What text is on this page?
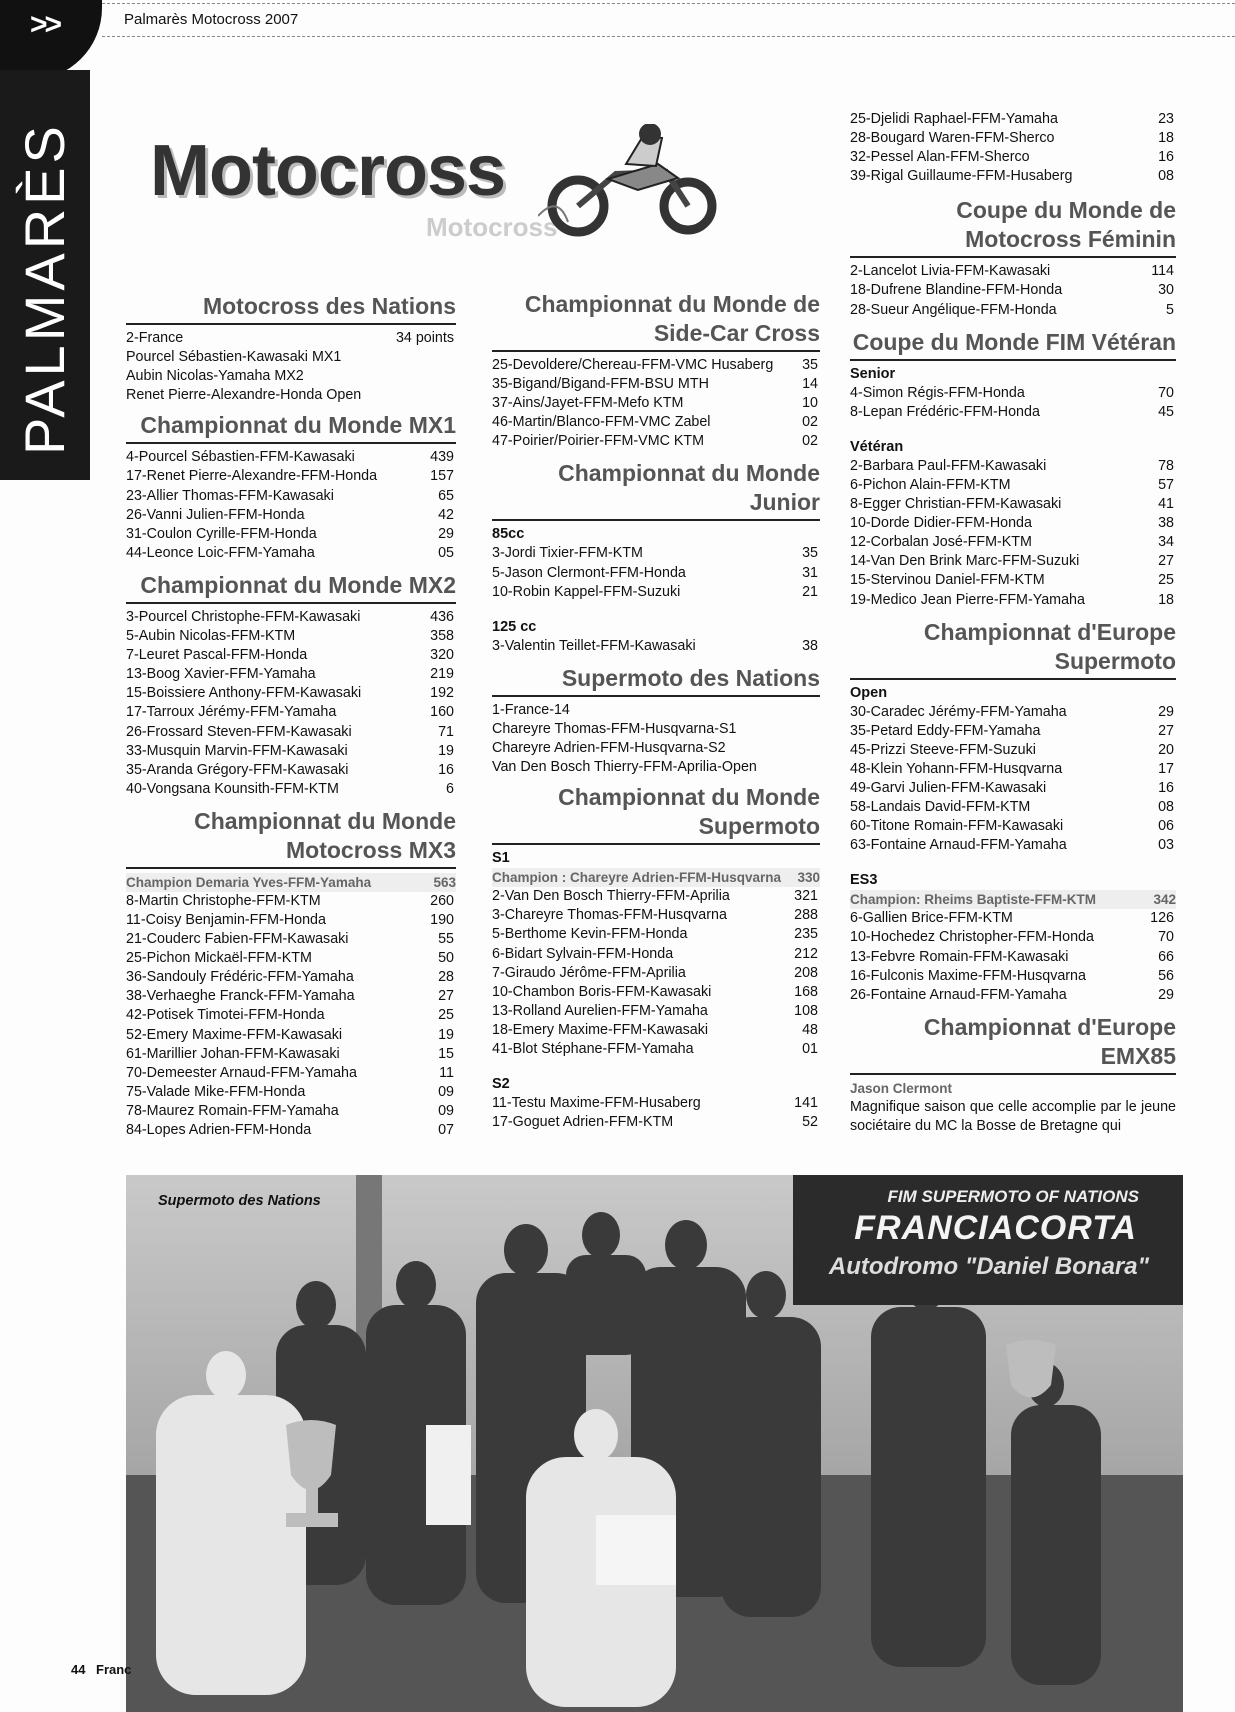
>>	Palmarès Motocross 2007
PALMARÈS Motocross
Motocross
Motocross des Nations
2-France	34 points
Pourcel Sébastien-Kawasaki MX1
Aubin Nicolas-Yamaha MX2
Renet Pierre-Alexandre-Honda Open
Championnat du Monde MX1
4-Pourcel Sébastien-FFM-Kawasaki	439
17-Renet Pierre-Alexandre-FFM-Honda	157
23-Allier Thomas-FFM-Kawasaki	65
26-Vanni Julien-FFM-Honda	42
31-Coulon Cyrille-FFM-Honda	29
44-Leonce Loic-FFM-Yamaha	05
Championnat du Monde MX2
3-Pourcel Christophe-FFM-Kawasaki	436
5-Aubin Nicolas-FFM-KTM	358
7-Leuret Pascal-FFM-Honda	320
13-Boog Xavier-FFM-Yamaha	219
15-Boissiere Anthony-FFM-Kawasaki	192
17-Tarroux Jérémy-FFM-Yamaha	160
26-Frossard Steven-FFM-Kawasaki	71
33-Musquin Marvin-FFM-Kawasaki	19
35-Aranda Grégory-FFM-Kawasaki	16
40-Vongsana Kounsith-FFM-KTM	6
Championnat du Monde
Motocross MX3
Champion Demaria Yves-FFM-Yamaha	563
8-Martin Christophe-FFM-KTM	260
11-Coisy Benjamin-FFM-Honda	190
21-Couderc Fabien-FFM-Kawasaki	55
25-Pichon Mickaël-FFM-KTM	50
36-Sandouly Frédéric-FFM-Yamaha	28
38-Verhaeghe Franck-FFM-Yamaha	27
42-Potisek Timotei-FFM-Honda	25
52-Emery Maxime-FFM-Kawasaki	19
61-Marillier Johan-FFM-Kawasaki	15
70-Demeester Arnaud-FFM-Yamaha	11
75-Valade Mike-FFM-Honda	09
78-Maurez Romain-FFM-Yamaha	09
84-Lopes Adrien-FFM-Honda	07
Championnat du Monde de
Side-Car Cross
25-Devoldere/Chereau-FFM-VMC Husaberg 35
35-Bigand/Bigand-FFM-BSU MTH	14
37-Ains/Jayet-FFM-Mefo KTM	10
46-Martin/Blanco-FFM-VMC Zabel	02
47-Poirier/Poirier-FFM-VMC KTM	02
Championnat du Monde
Junior
85cc
3-Jordi Tixier-FFM-KTM	35
5-Jason Clermont-FFM-Honda	31
10-Robin Kappel-FFM-Suzuki	21
125 cc
3-Valentin Teillet-FFM-Kawasaki	38
Supermoto des Nations
1-France-14
Chareyre Thomas-FFM-Husqvarna-S1
Chareyre Adrien-FFM-Husqvarna-S2
Van Den Bosch Thierry-FFM-Aprilia-Open
Championnat du Monde
Supermoto
S1
Champion : Chareyre Adrien-FFM-Husqvarna 330
2-Van Den Bosch Thierry-FFM-Aprilia	321
3-Chareyre Thomas-FFM-Husqvarna	288
5-Berthome Kevin-FFM-Honda	235
6-Bidart Sylvain-FFM-Honda	212
7-Giraudo Jérôme-FFM-Aprilia	208
10-Chambon Boris-FFM-Kawasaki	168
13-Rolland Aurelien-FFM-Yamaha	108
18-Emery Maxime-FFM-Kawasaki	48
41-Blot Stéphane-FFM-Yamaha	01
S2
11-Testu Maxime-FFM-Husaberg	141
17-Goguet Adrien-FFM-KTM	52
25-Djelidi Raphael-FFM-Yamaha	23
28-Bougard Waren-FFM-Sherco	18
32-Pessel Alan-FFM-Sherco	16
39-Rigal Guillaume-FFM-Husaberg	08
Coupe du Monde de
Motocross Féminin
2-Lancelot Livia-FFM-Kawasaki	114
18-Dufrene Blandine-FFM-Honda	30
28-Sueur Angélique-FFM-Honda	5
Coupe du Monde FIM Vétéran
Senior
4-Simon Régis-FFM-Honda	70
8-Lepan Frédéric-FFM-Honda	45
Vétéran
2-Barbara Paul-FFM-Kawasaki	78
6-Pichon Alain-FFM-KTM	57
8-Egger Christian-FFM-Kawasaki	41
10-Dorde Didier-FFM-Honda	38
12-Corbalan José-FFM-KTM	34
14-Van Den Brink Marc-FFM-Suzuki	27
15-Stervinou Daniel-FFM-KTM	25
19-Medico Jean Pierre-FFM-Yamaha	18
Championnat d'Europe
Supermoto
Open
30-Caradec Jérémy-FFM-Yamaha	29
35-Petard Eddy-FFM-Yamaha	27
45-Prizzi Steeve-FFM-Suzuki	20
48-Klein Yohann-FFM-Husqvarna	17
49-Garvi Julien-FFM-Kawasaki	16
58-Landais David-FFM-KTM	08
60-Titone Romain-FFM-Kawasaki	06
63-Fontaine Arnaud-FFM-Yamaha	03
ES3
Champion: Rheims Baptiste-FFM-KTM	342
6-Gallien Brice-FFM-KTM	126
10-Hochedez Christopher-FFM-Honda	70
13-Febvre Romain-FFM-Kawasaki	66
16-Fulconis Maxime-FFM-Husqvarna	56
26-Fontaine Arnaud-FFM-Yamaha	29
Championnat d'Europe
EMX85
Jason Clermont
Magnifique saison que celle accomplie par le jeune sociétaire du MC la Bosse de Bretagne qui
Supermoto des Nations	FIM SUPERMOTO OF NATIONS
FRANCIACORTA
Autodromo "Daniel Bonara"
44 Franc
